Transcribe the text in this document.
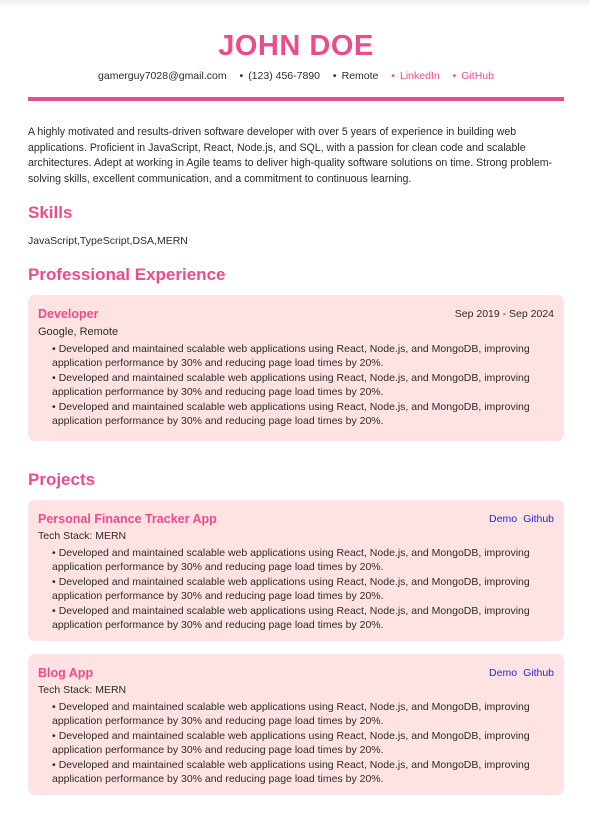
JOHN DOE
gamerguy7028@gmail.com • (123) 456-7890 • Remote • LinkedIn • GitHub
A highly motivated and results-driven software developer with over 5 years of experience in building web applications. Proficient in JavaScript, React, Node.js, and SQL, with a passion for clean code and scalable architectures. Adept at working in Agile teams to deliver high-quality software solutions on time. Strong problem-solving skills, excellent communication, and a commitment to continuous learning.
Skills
JavaScript,TypeScript,DSA,MERN
Professional Experience
Developer	Sep 2019 - Sep 2024
Google, Remote
• Developed and maintained scalable web applications using React, Node.js, and MongoDB, improving application performance by 30% and reducing page load times by 20%.
• Developed and maintained scalable web applications using React, Node.js, and MongoDB, improving application performance by 30% and reducing page load times by 20%.
• Developed and maintained scalable web applications using React, Node.js, and MongoDB, improving application performance by 30% and reducing page load times by 20%.
Projects
Personal Finance Tracker App	Demo Github
Tech Stack: MERN
• Developed and maintained scalable web applications using React, Node.js, and MongoDB, improving application performance by 30% and reducing page load times by 20%.
• Developed and maintained scalable web applications using React, Node.js, and MongoDB, improving application performance by 30% and reducing page load times by 20%.
• Developed and maintained scalable web applications using React, Node.js, and MongoDB, improving application performance by 30% and reducing page load times by 20%.
Blog App	Demo Github
Tech Stack: MERN
• Developed and maintained scalable web applications using React, Node.js, and MongoDB, improving application performance by 30% and reducing page load times by 20%.
• Developed and maintained scalable web applications using React, Node.js, and MongoDB, improving application performance by 30% and reducing page load times by 20%.
• Developed and maintained scalable web applications using React, Node.js, and MongoDB, improving application performance by 30% and reducing page load times by 20%.
